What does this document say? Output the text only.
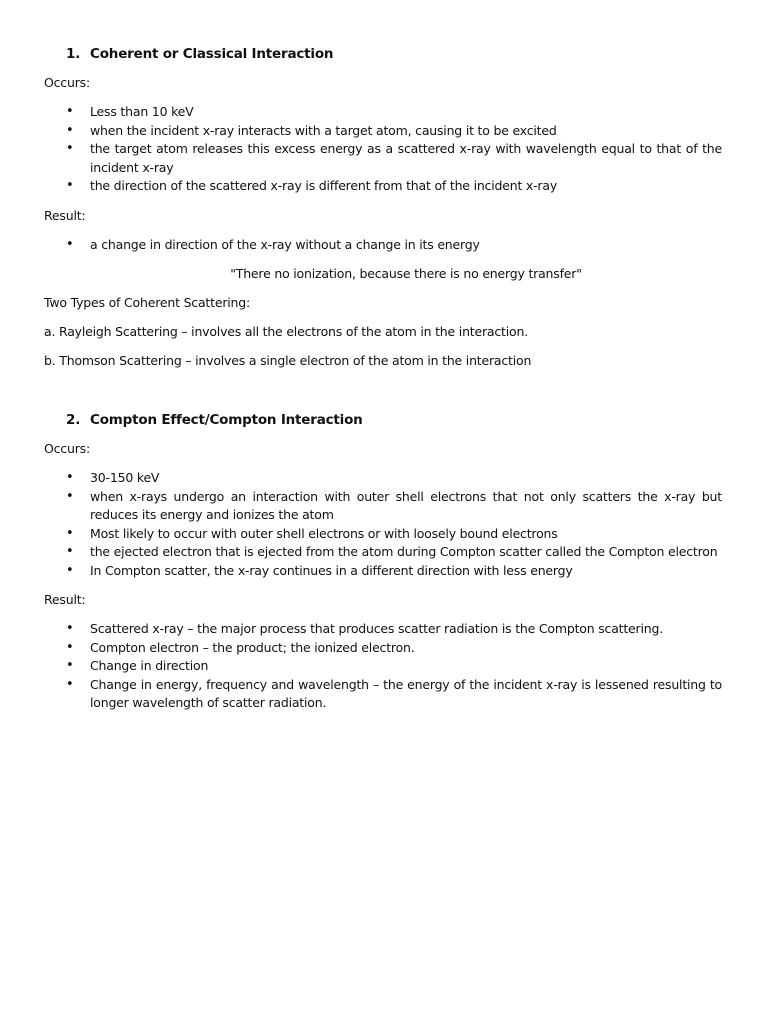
1. Coherent or Classical Interaction
Occurs:
• Less than 10 keV
• when the incident x-ray interacts with a target atom, causing it to be excited
• the target atom releases this excess energy as a scattered x-ray with wavelength equal to that of the incident x-ray
• the direction of the scattered x-ray is different from that of the incident x-ray
Result:
• a change in direction of the x-ray without a change in its energy
"There no ionization, because there is no energy transfer"
Two Types of Coherent Scattering:
a. Rayleigh Scattering – involves all the electrons of the atom in the interaction.
b. Thomson Scattering – involves a single electron of the atom in the interaction
2. Compton Effect/Compton Interaction
Occurs:
• 30-150 keV
• when x-rays undergo an interaction with outer shell electrons that not only scatters the x-ray but reduces its energy and ionizes the atom
• Most likely to occur with outer shell electrons or with loosely bound electrons
• the ejected electron that is ejected from the atom during Compton scatter called the Compton electron
• In Compton scatter, the x-ray continues in a different direction with less energy
Result:
• Scattered x-ray – the major process that produces scatter radiation is the Compton scattering.
• Compton electron – the product; the ionized electron.
• Change in direction
• Change in energy, frequency and wavelength – the energy of the incident x-ray is lessened resulting to longer wavelength of scatter radiation.
